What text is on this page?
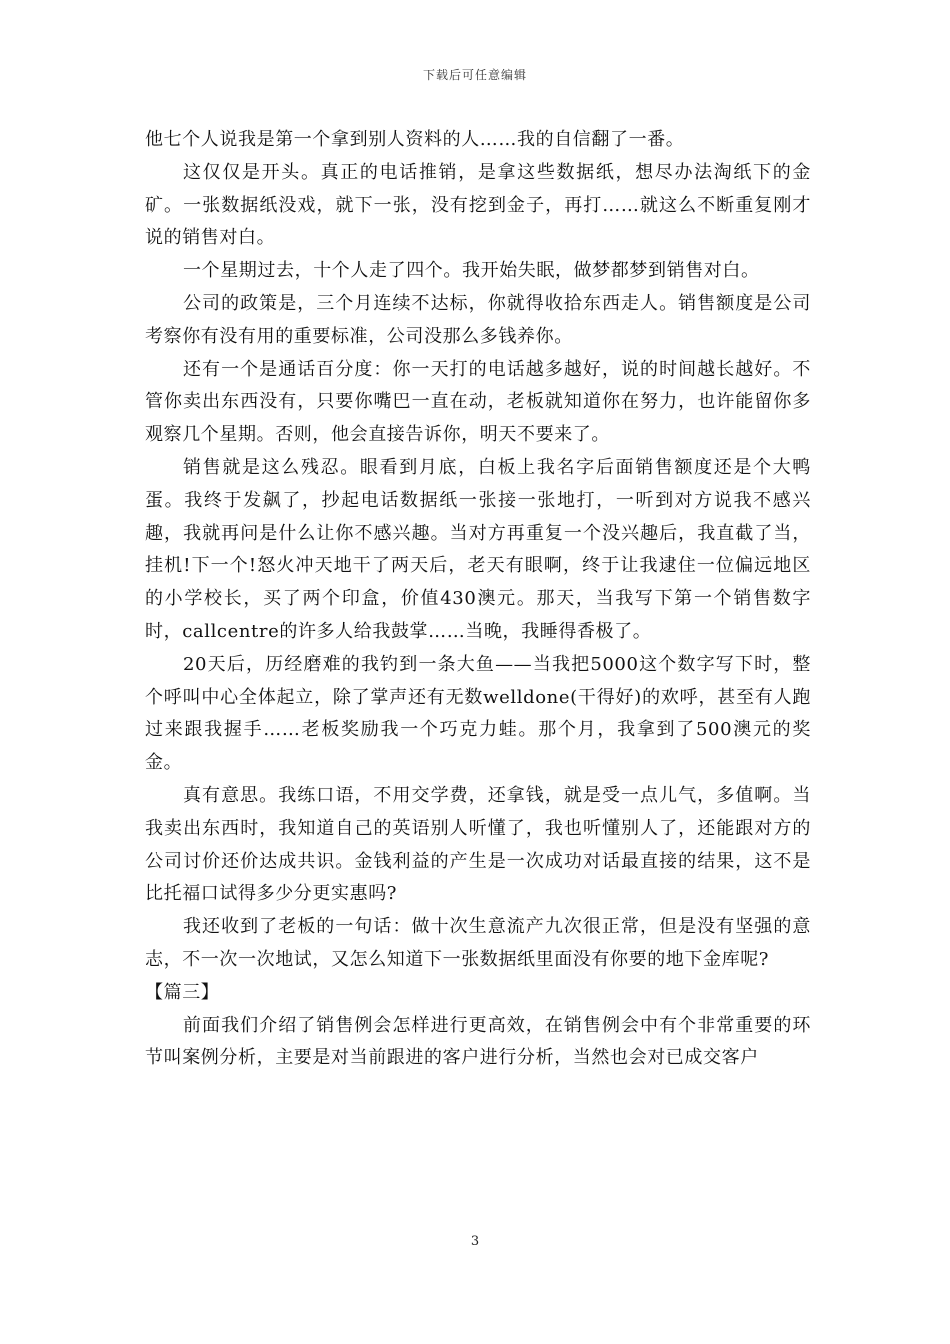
下载后可任意编辑

他七个人说我是第一个拿到别人资料的人……我的自信翻了一番。

这仅仅是开头。真正的电话推销，是拿这些数据纸，想尽办法淘纸下的金矿。一张数据纸没戏，就下一张，没有挖到金子，再打……就这么不断重复刚才说的销售对白。

一个星期过去，十个人走了四个。我开始失眠，做梦都梦到销售对白。

公司的政策是，三个月连续不达标，你就得收拾东西走人。销售额度是公司考察你有没有用的重要标准，公司没那么多钱养你。

还有一个是通话百分度：你一天打的电话越多越好，说的时间越长越好。不管你卖出东西没有，只要你嘴巴一直在动，老板就知道你在努力，也许能留你多观察几个星期。否则，他会直接告诉你，明天不要来了。

销售就是这么残忍。眼看到月底，白板上我名字后面销售额度还是个大鸭蛋。我终于发飙了，抄起电话数据纸一张接一张地打，一听到对方说我不感兴趣，我就再问是什么让你不感兴趣。当对方再重复一个没兴趣后，我直截了当，挂机!下一个!怒火冲天地干了两天后，老天有眼啊，终于让我逮住一位偏远地区的小学校长，买了两个印盒，价值430澳元。那天，当我写下第一个销售数字时，callcentre的许多人给我鼓掌……当晚，我睡得香极了。

20天后，历经磨难的我钓到一条大鱼——当我把5000这个数字写下时，整个呼叫中心全体起立，除了掌声还有无数welldone(干得好)的欢呼，甚至有人跑过来跟我握手……老板奖励我一个巧克力蛙。那个月，我拿到了500澳元的奖金。

真有意思。我练口语，不用交学费，还拿钱，就是受一点儿气，多值啊。当我卖出东西时，我知道自己的英语别人听懂了，我也听懂别人了，还能跟对方的公司讨价还价达成共识。金钱利益的产生是一次成功对话最直接的结果，这不是比托福口试得多少分更实惠吗?

我还收到了老板的一句话：做十次生意流产九次很正常，但是没有坚强的意志，不一次一次地试，又怎么知道下一张数据纸里面没有你要的地下金库呢?

【篇三】

前面我们介绍了销售例会怎样进行更高效，在销售例会中有个非常重要的环节叫案例分析，主要是对当前跟进的客户进行分析，当然也会对已成交客户

3
